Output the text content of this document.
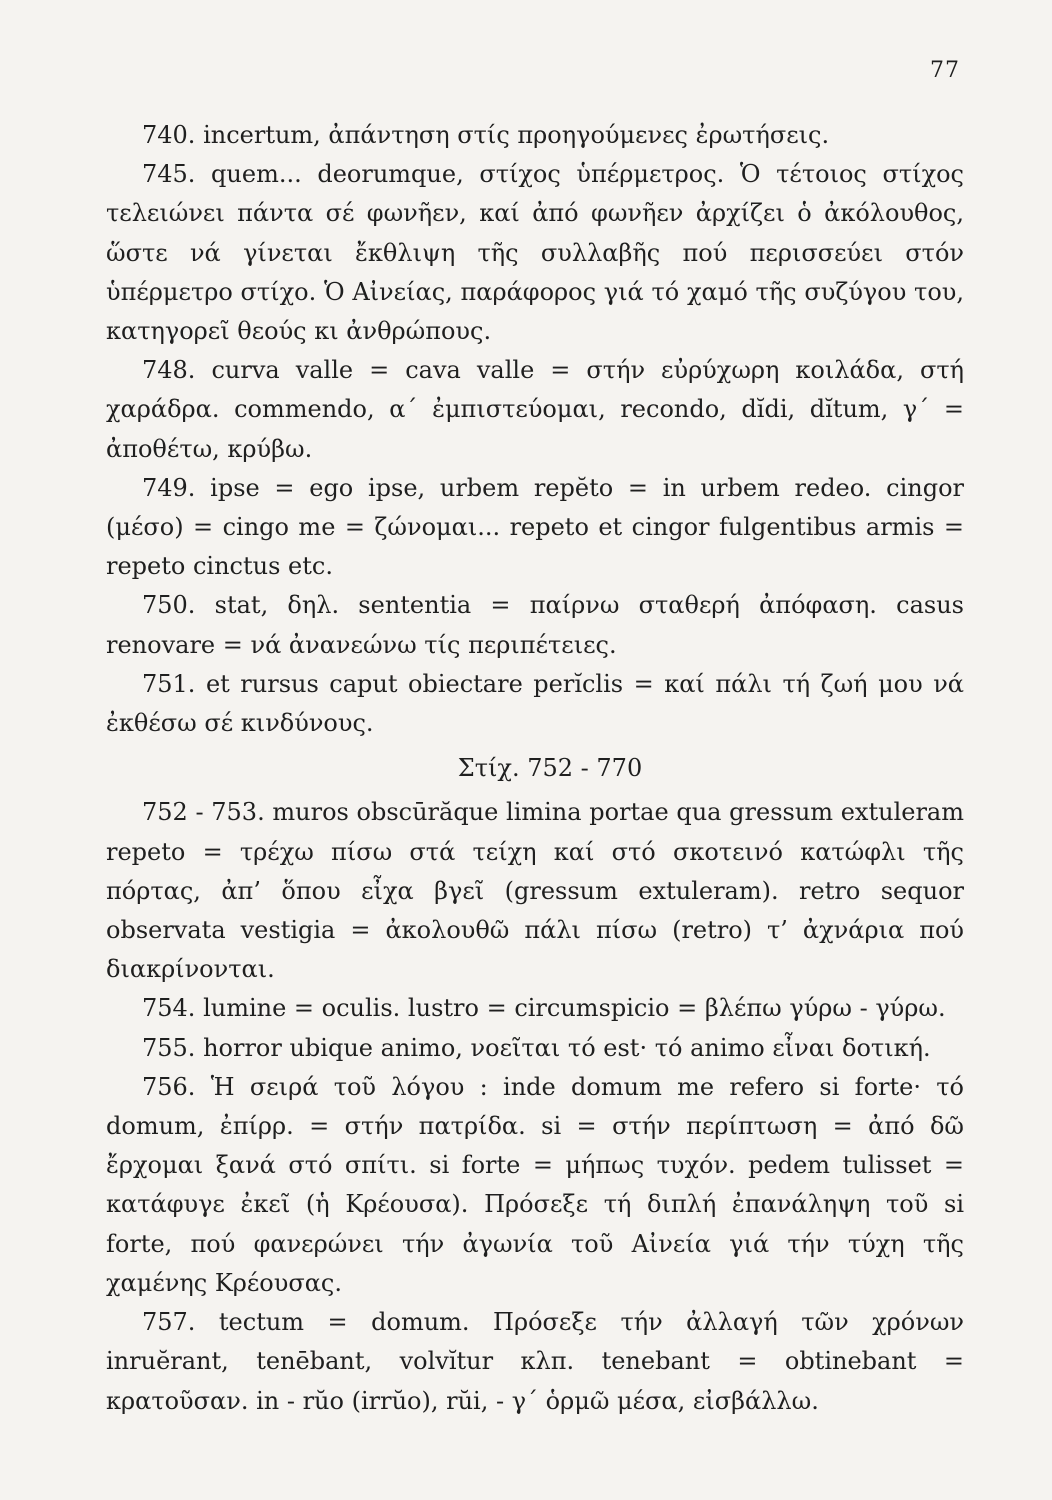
77

740. incertum, ἀπάντηση στίς προηγούμενες ἐρωτήσεις.

745. quem... deorumque, στίχος ὑπέρμετρος. Ὁ τέτοιος στίχος τελειώνει πάντα σέ φωνῆεν, καί ἀπό φωνῆεν ἀρχίζει ὁ ἀκόλουθος, ὥστε νά γίνεται ἔκθλιψη τῆς συλλαβῆς πού περισσεύει στόν ὑπέρμετρο στίχο. Ὁ Αἰνείας, παράφορος γιά τό χαμό τῆς συζύγου του, κατηγορεῖ θεούς κι ἀνθρώπους.

748. curva valle = cava valle = στήν εὐρύχωρη κοιλάδα, στή χαράδρα. commendo, α΄ ἐμπιστεύομαι, recondo, dĭdi, dĭtum, γ΄ = ἀποθέτω, κρύβω.

749. ipse = ego ipse, urbem repĕto = in urbem redeo. cingor (μέσο) = cingo me = ζώνομαι... repeto et cingor fulgentibus armis = repeto cinctus etc.

750. stat, δηλ. sententia = παίρνω σταθερή ἀπόφαση. casus renovare = νά ἀνανεώνω τίς περιπέτειες.

751. et rursus caput obiectare perĭclis = καί πάλι τή ζωή μου νά ἐκθέσω σέ κινδύνους.

Στίχ. 752 - 770

752 - 753. muros obscūrăque limina portae qua gressum extuleram repeto = τρέχω πίσω στά τείχη καί στό σκοτεινό κατώφλι τῆς πόρτας, ἀπ’ ὅπου εἶχα βγεῖ (gressum extuleram). retro sequor observata vestigia = ἀκολουθῶ πάλι πίσω (retro) τ’ ἀχνάρια πού διακρίνονται.

754. lumine = oculis. lustro = circumspicio = βλέπω γύρω - γύρω.

755. horror ubique animo, νοεῖται τό est· τό animo εἶναι δοτική.

756. Ἡ σειρά τοῦ λόγου : inde domum me refero si forte· τό domum, ἐπίρρ. = στήν πατρίδα. si = στήν περίπτωση = ἀπό δῶ ἔρχομαι ξανά στό σπίτι. si forte = μήπως τυχόν. pedem tulisset = κατάφυγε ἐκεῖ (ἡ Κρέουσα). Πρόσεξε τή διπλή ἐπανάληψη τοῦ si forte, πού φανερώνει τήν ἀγωνία τοῦ Αἰνεία γιά τήν τύχη τῆς χαμένης Κρέουσας.

757. tectum = domum. Πρόσεξε τήν ἀλλαγή τῶν χρόνων inruĕrant, tenēbant, volvĭtur κλπ. tenebant = obtinebant = κρατοῦσαν. in - rŭo (irrŭo), rŭi, - γ΄ ὁρμῶ μέσα, εἰσβάλλω.
